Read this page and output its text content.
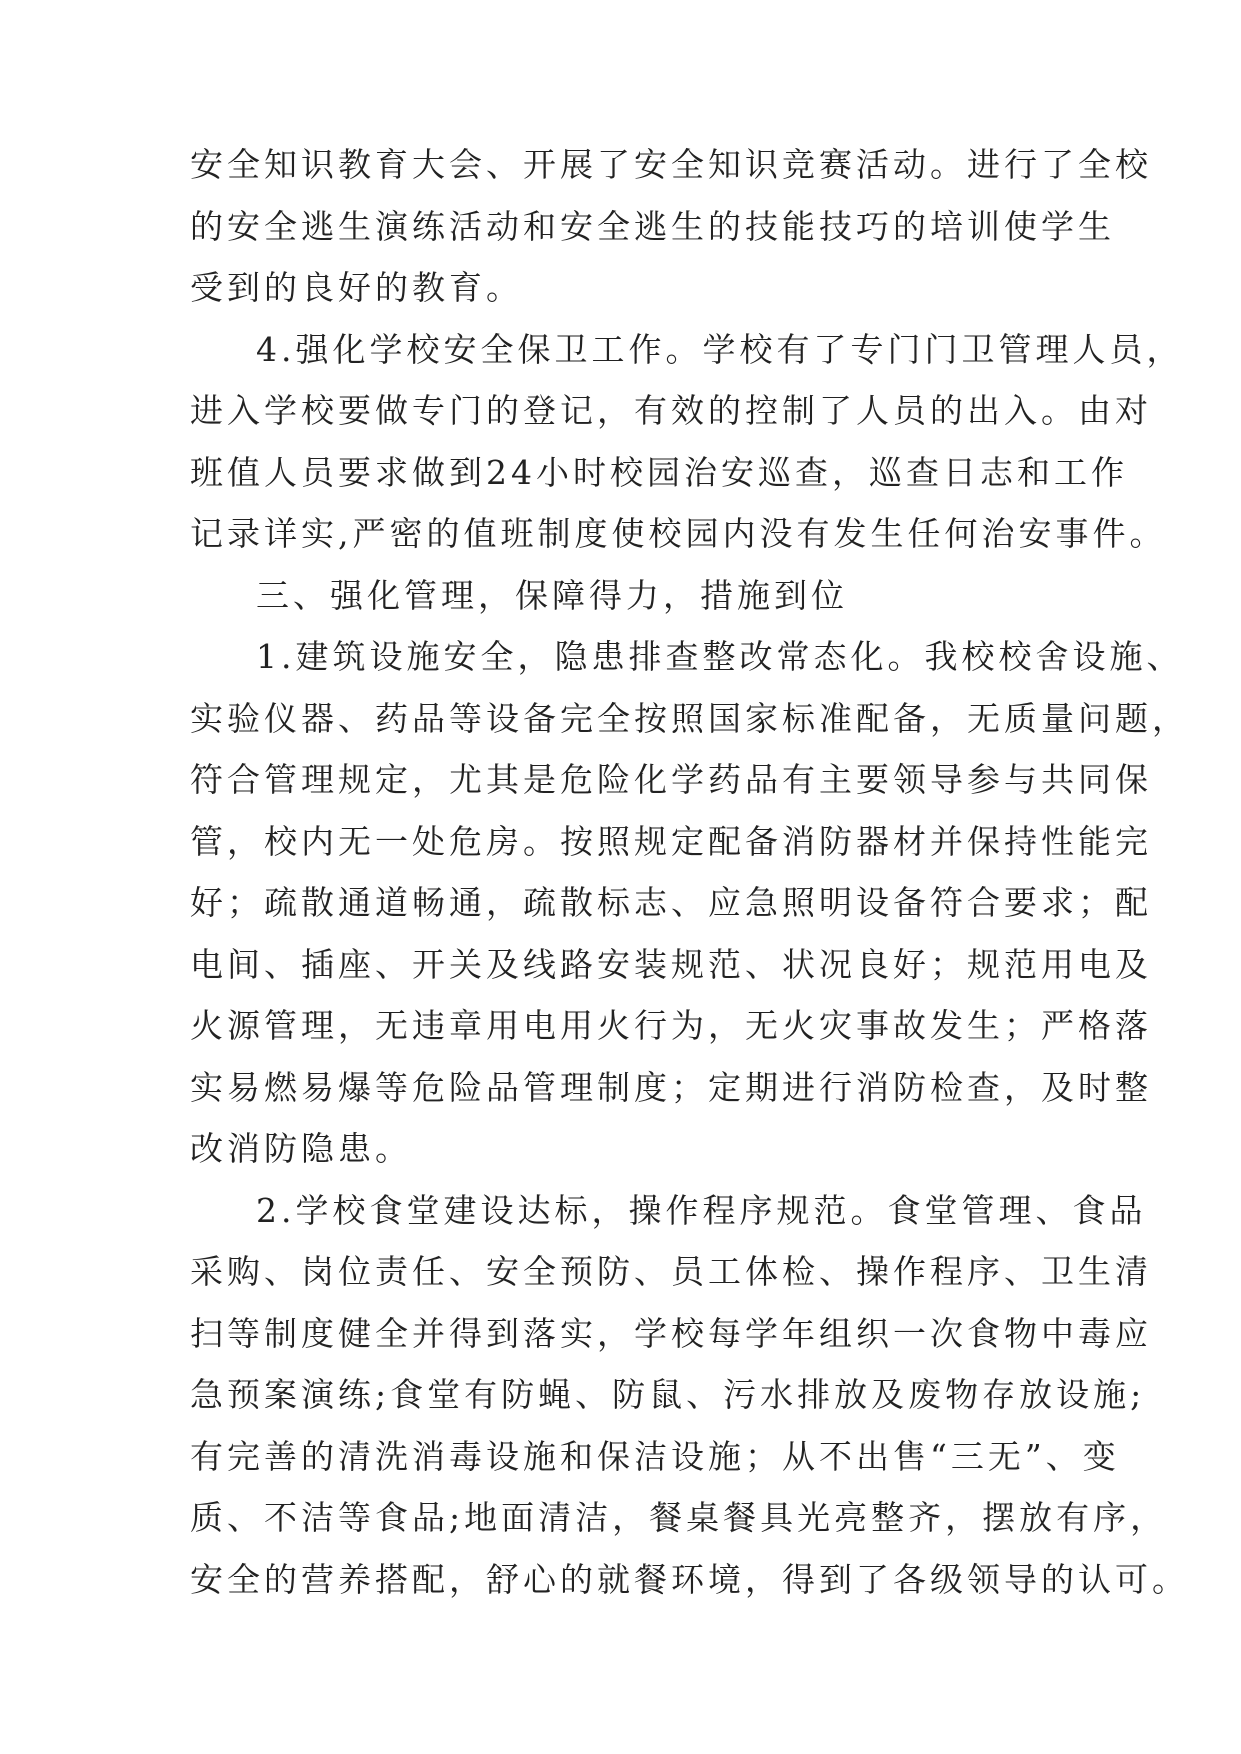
安全知识教育大会、开展了安全知识竞赛活动。进行了全校
的安全逃生演练活动和安全逃生的技能技巧的培训使学生
受到的良好的教育。
4.强化学校安全保卫工作。学校有了专门门卫管理人员，
进入学校要做专门的登记，有效的控制了人员的出入。由对
班值人员要求做到24小时校园治安巡查，巡查日志和工作
记录详实,严密的值班制度使校园内没有发生任何治安事件。
三、强化管理，保障得力，措施到位
1.建筑设施安全，隐患排查整改常态化。我校校舍设施、
实验仪器、药品等设备完全按照国家标准配备，无质量问题，
符合管理规定，尤其是危险化学药品有主要领导参与共同保
管，校内无一处危房。按照规定配备消防器材并保持性能完
好；疏散通道畅通，疏散标志、应急照明设备符合要求；配
电间、插座、开关及线路安装规范、状况良好；规范用电及
火源管理，无违章用电用火行为，无火灾事故发生；严格落
实易燃易爆等危险品管理制度；定期进行消防检查，及时整
改消防隐患。
2.学校食堂建设达标，操作程序规范。食堂管理、食品
采购、岗位责任、安全预防、员工体检、操作程序、卫生清
扫等制度健全并得到落实，学校每学年组织一次食物中毒应
急预案演练;食堂有防蝇、防鼠、污水排放及废物存放设施;
有完善的清洗消毒设施和保洁设施；从不出售“三无”、变
质、不洁等食品;地面清洁，餐桌餐具光亮整齐，摆放有序，
安全的营养搭配，舒心的就餐环境，得到了各级领导的认可。
